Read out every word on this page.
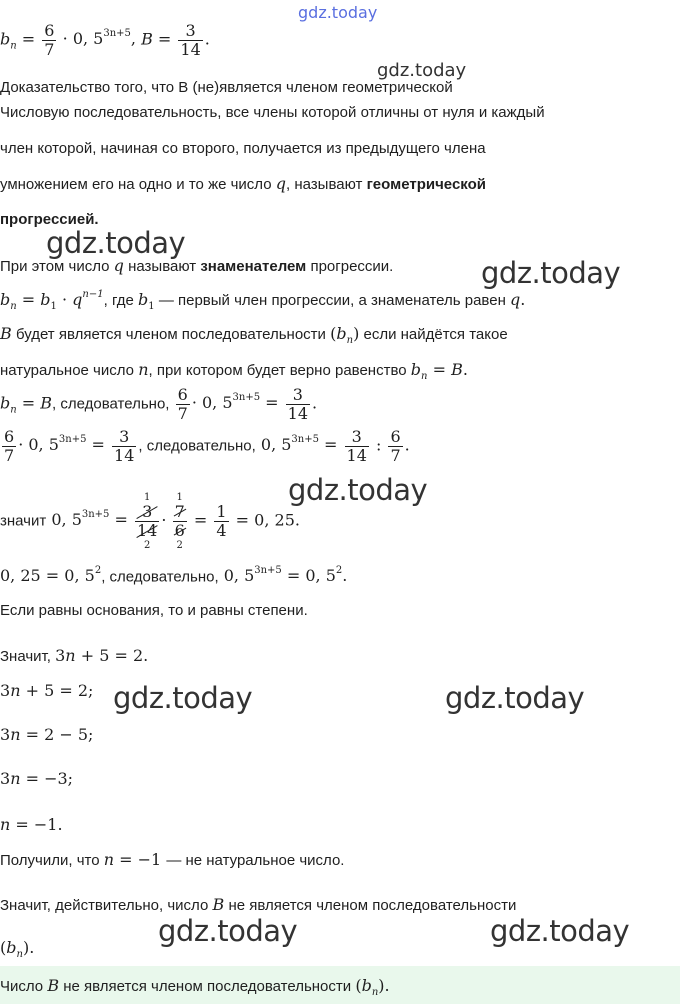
gdz.today
$b_n = \frac{6}{7} \cdot 0$, $5^{3n+5}$, $B = \frac{3}{14}$ .
Доказательство того, что B (не)является членом геометрической
gdz.today
Числовую последовательность, все члены которой отличны от нуля и каждый
член которой, начиная со второго, получается из предыдущего члена
умножением его на одно и то же число q, называют геометрической
прогрессией.
gdz.today
При этом число q называют знаменателем прогрессии.	gdz.today
$b_n = b_1 \cdot q^{n-1}$, где $b_1$ — первый член прогрессии, а знаменатель равен q.
B будет является членом последовательности $(b_n)$ если найдётся такое
натуральное число n, при котором будет верно равенство $b_n = B$.
$b_n = B$, следовательно, $\frac{6}{7} \cdot 0$, $5^{3n+5} = \frac{3}{14}$ .
$\frac{6}{7} \cdot 0$, $5^{3n+5} = \frac{3}{14}$ , следовательно, 0, $5^{3n+5} = \frac{3}{14}$ : $\frac{6}{7}$ .
gdz.today
значит 0, $5^{3n+5}$ =
1
3
14
2
·
1
7
6
2
= $\frac{1}{4} = 0$, 25.
0, 25 = 0, $5^2$, следовательно, 0, $5^{3n+5} = 0$, $5^2$.
Если равны основания, то и равны степени.
Значит, 3n + 5 = 2.
3n + 5 = 2; gdz.today	gdz.today
3n = 2 − 5;
3n = −3;
n = −1.
Получили, что n = −1 — не натуральное число.
Значит, действительно, число B не является членом последовательности
$(b_n)$.	gdz.today	gdz.today
Число B не является членом последовательности $(b_n)$.
